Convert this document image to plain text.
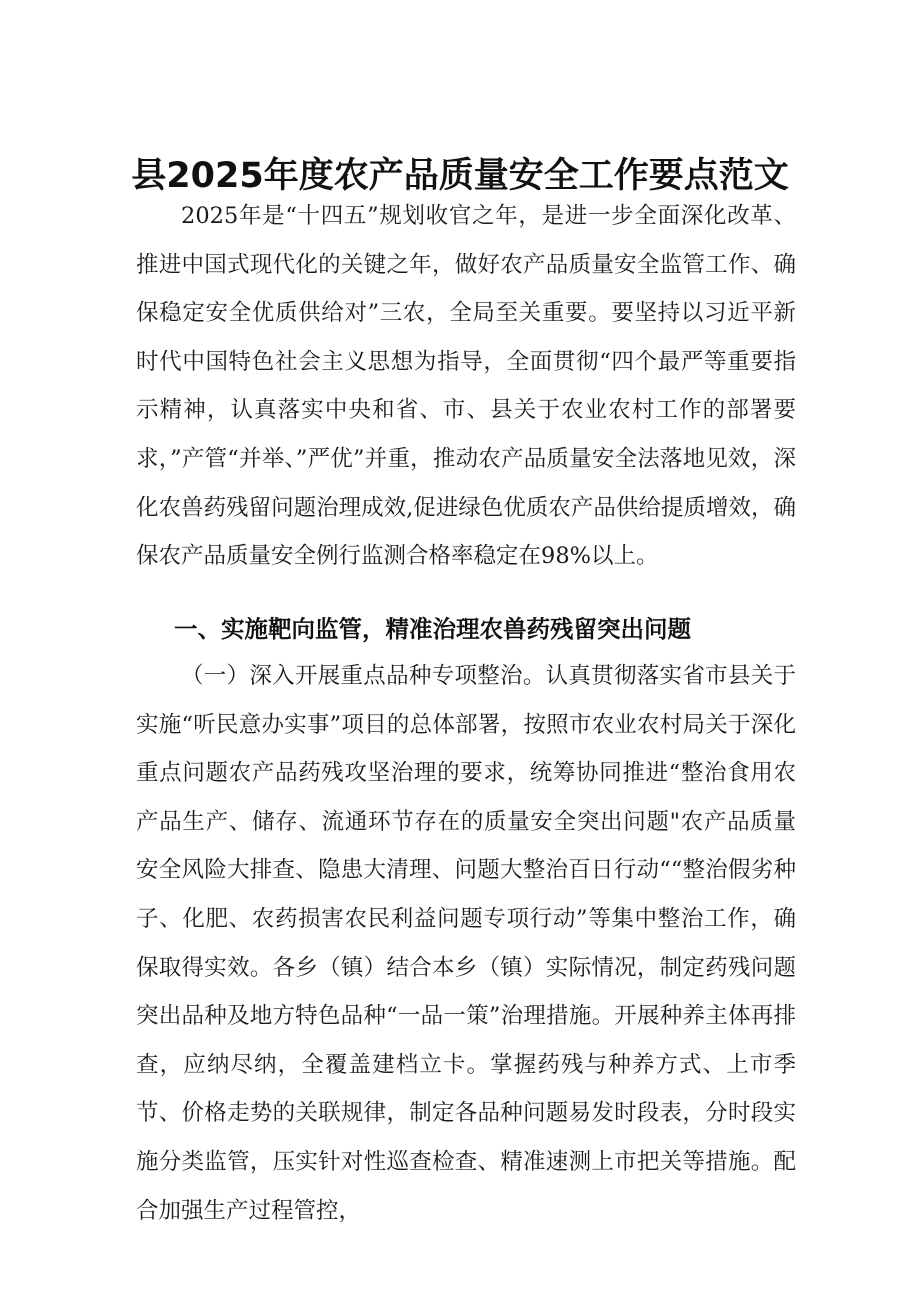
县2025年度农产品质量安全工作要点范文

2025年是“十四五”规划收官之年，是进一步全面深化改革、推进中国式现代化的关键之年，做好农产品质量安全监管工作、确保稳定安全优质供给对”三农，全局至关重要。要坚持以习近平新时代中国特色社会主义思想为指导，全面贯彻“四个最严等重要指示精神，认真落实中央和省、市、县关于农业农村工作的部署要求，”产管“并举、”严优”并重，推动农产品质量安全法落地见效，深化农兽药残留问题治理成效,促进绿色优质农产品供给提质增效，确保农产品质量安全例行监测合格率稳定在98%以上。

一、实施靶向监管，精准治理农兽药残留突出问题

（一）深入开展重点品种专项整治。认真贯彻落实省市县关于实施“听民意办实事”项目的总体部署，按照市农业农村局关于深化重点问题农产品药残攻坚治理的要求，统筹协同推进“整治食用农产品生产、储存、流通环节存在的质量安全突出问题"农产品质量安全风险大排查、隐患大清理、问题大整治百日行动““整治假劣种子、化肥、农药损害农民利益问题专项行动”等集中整治工作，确保取得实效。各乡（镇）结合本乡（镇）实际情况，制定药残问题突出品种及地方特色品种“一品一策”治理措施。开展种养主体再排查，应纳尽纳，全覆盖建档立卡。掌握药残与种养方式、上市季节、价格走势的关联规律，制定各品种问题易发时段表，分时段实施分类监管，压实针对性巡查检查、精准速测上市把关等措施。配合加强生产过程管控，
